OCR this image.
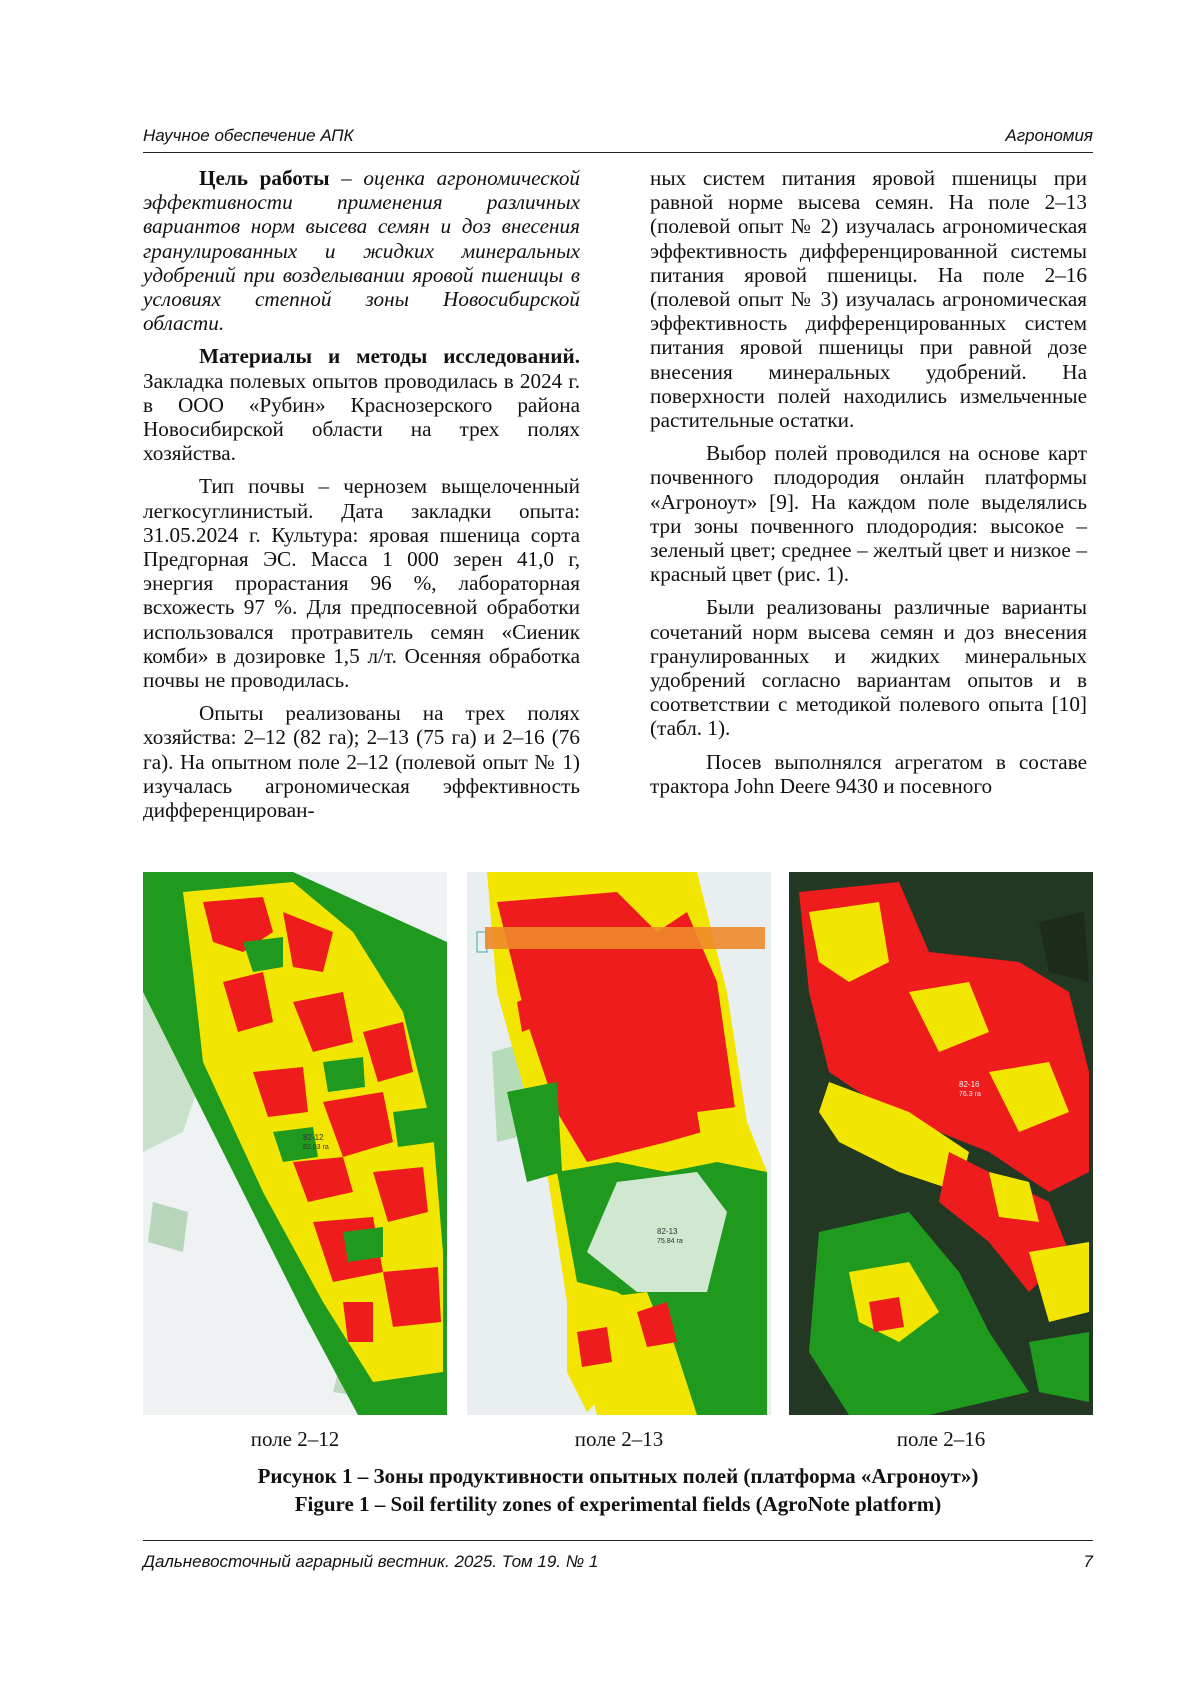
Научное обеспечение АПК	Агрономия

Цель работы – оценка агрономической эффективности применения различных вариантов норм высева семян и доз внесения гранулированных и жидких минеральных удобрений при возделывании яровой пшеницы в условиях степной зоны Новосибирской области.

Материалы и методы исследований. Закладка полевых опытов проводилась в 2024 г. в ООО «Рубин» Краснозерского района Новосибирской области на трех полях хозяйства.

Тип почвы – чернозем выщелоченный легкосуглинистый. Дата закладки опыта: 31.05.2024 г. Культура: яровая пшеница сорта Предгорная ЭС. Масса 1 000 зерен 41,0 г, энергия прорастания 96 %, лабораторная всхожесть 97 %. Для предпосевной обработки использовался протравитель семян «Сиеник комби» в дозировке 1,5 л/т. Осенняя обработка почвы не проводилась.

Опыты реализованы на трех полях хозяйства: 2–12 (82 га); 2–13 (75 га) и 2–16 (76 га). На опытном поле 2–12 (полевой опыт № 1) изучалась агрономическая эффективность дифференцирован-

ных систем питания яровой пшеницы при равной норме высева семян. На поле 2–13 (полевой опыт № 2) изучалась агрономическая эффективность дифференцированной системы питания яровой пшеницы. На поле 2–16 (полевой опыт № 3) изучалась агрономическая эффективность дифференцированных систем питания яровой пшеницы при равной дозе внесения минеральных удобрений. На поверхности полей находились измельченные растительные остатки.

Выбор полей проводился на основе карт почвенного плодородия онлайн платформы «Агроноут» [9]. На каждом поле выделялись три зоны почвенного плодородия: высокое – зеленый цвет; среднее – желтый цвет и низкое – красный цвет (рис. 1).

Были реализованы различные варианты сочетаний норм высева семян и доз внесения гранулированных и жидких минеральных удобрений согласно вариантам опытов и в соответствии с методикой полевого опыта [10] (табл. 1).

Посев выполнялся агрегатом в составе трактора John Deere 9430 и посевного

82-12
82.03 га
82-13
75.84 га
82-16
76.3 га
поле 2–12	поле 2–13	поле 2–16
Рисунок 1 – Зоны продуктивности опытных полей (платформа «Агроноут»)
Figure 1 – Soil fertility zones of experimental fields (AgroNote platform)
Дальневосточный аграрный вестник. 2025. Том 19. № 1	7
